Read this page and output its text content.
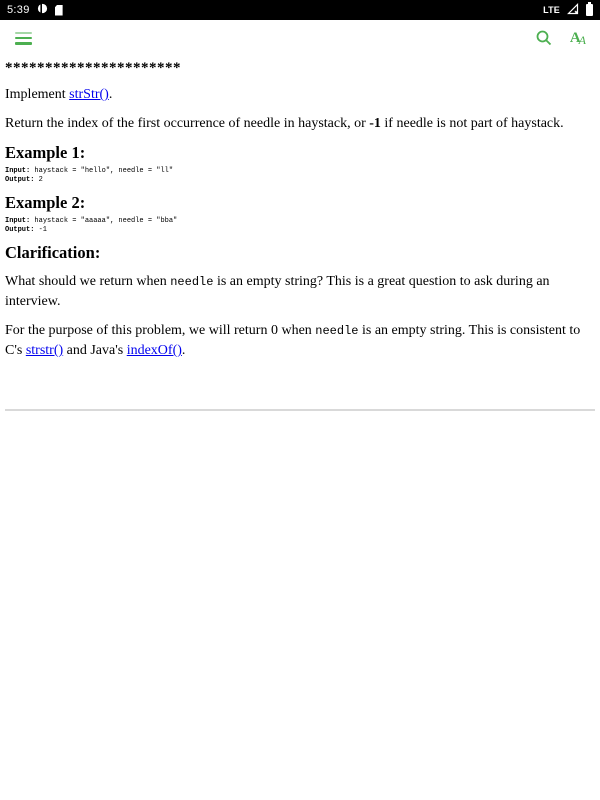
5:39	LTE
A
A
**********************

Implement strStr().

Return the index of the first occurrence of needle in haystack, or -1 if needle is not part of haystack.

Example 1:
Input: haystack = "hello", needle = "ll"
Output: 2
Example 2:
Input: haystack = "aaaaa", needle = "bba"
Output: -1
Clarification:

What should we return when needle is an empty string? This is a great question to ask during an interview.

For the purpose of this problem, we will return 0 when needle is an empty string. This is consistent to C's strstr() and Java's indexOf().
